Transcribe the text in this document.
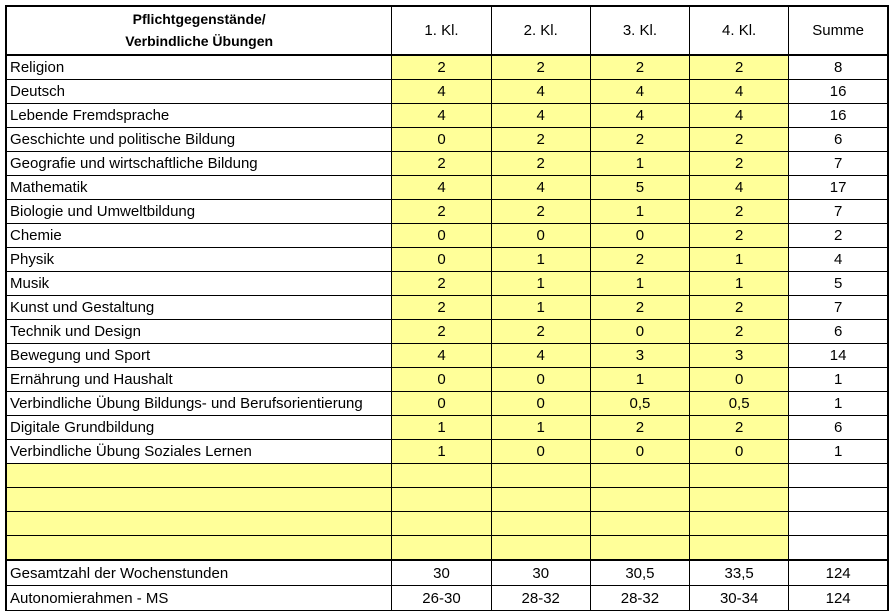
Pflichtgegenstände/
Verbindliche Übungen	1. Kl.	2. Kl.	3. Kl.	4. Kl.	Summe
Religion	2	2	2	2	8
Deutsch	4	4	4	4	16
Lebende Fremdsprache	4	4	4	4	16
Geschichte und politische Bildung	0	2	2	2	6
Geografie und wirtschaftliche Bildung	2	2	1	2	7
Mathematik	4	4	5	4	17
Biologie und Umweltbildung	2	2	1	2	7
Chemie	0	0	0	2	2
Physik	0	1	2	1	4
Musik	2	1	1	1	5
Kunst und Gestaltung	2	1	2	2	7
Technik und Design	2	2	0	2	6
Bewegung und Sport	4	4	3	3	14
Ernährung und Haushalt	0	0	1	0	1
Verbindliche Übung Bildungs- und Berufsorientierung	0	0	0,5	0,5	1
Digitale Grundbildung	1	1	2	2	6
Verbindliche Übung Soziales Lernen	1	0	0	0	1

Gesamtzahl der Wochenstunden	30	30	30,5	33,5	124
Autonomierahmen - MS	26-30	28-32	28-32	30-34	124
